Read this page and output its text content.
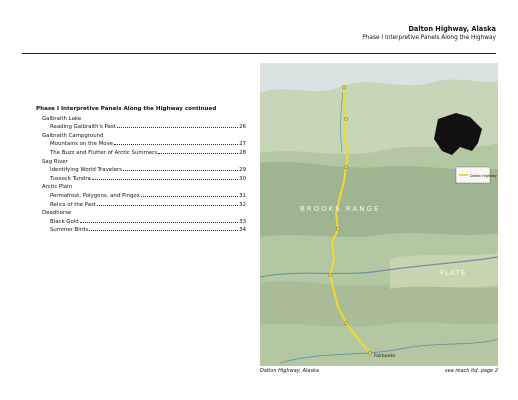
Dalton Highway, Alaska
Phase I Interpretive Panels Along the Highway
Phase I Interpretive Panels Along the Highway continued
Galbraith Lake
Reading Galbraith's Past	26
Galbraith Campground
Mountains on the Move	27
The Buzz and Flutter of Arctic Summers	28
Sag River
Identifying World Travelers	29
Tussock Tundra	30
Arctic Plain
Permafrost, Polygons, and Pingos	31
Relics of the Past	32
Deadhorse
Black Gold	33
Summer Birds	34
Dalton Highway
BROOKS RANGE
FLATS
Fairbanks
Dalton Highway, Alaska	sea reach ltd. page 2
